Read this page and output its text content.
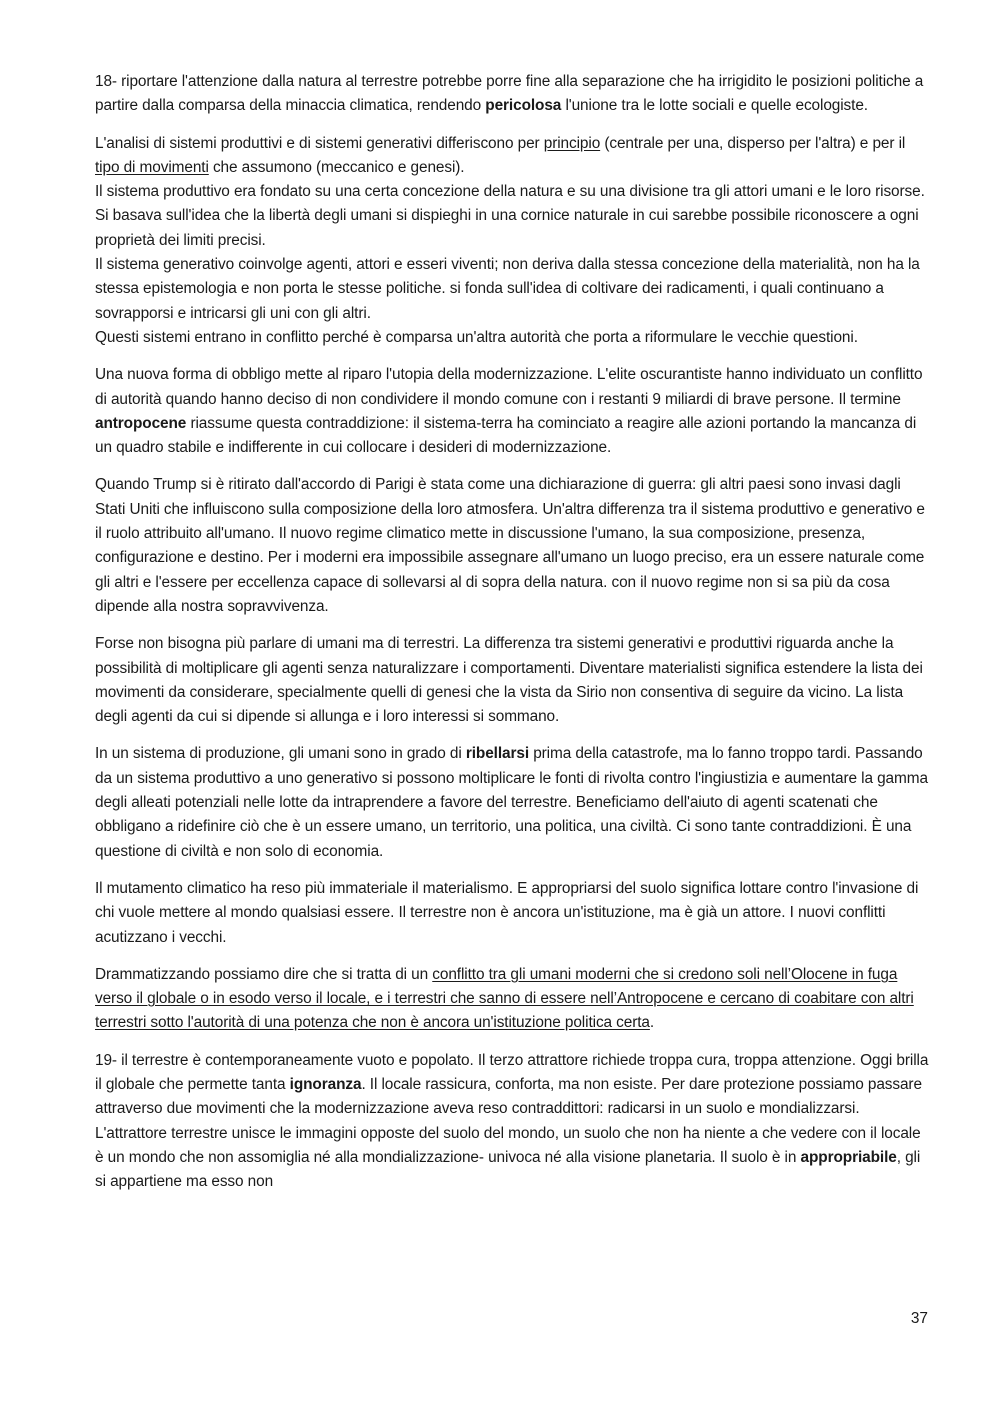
18- riportare l'attenzione dalla natura al terrestre potrebbe porre fine alla separazione che ha irrigidito le posizioni politiche a partire dalla comparsa della minaccia climatica, rendendo pericolosa l'unione tra le lotte sociali e quelle ecologiste.

L'analisi di sistemi produttivi e di sistemi generativi differiscono per principio (centrale per una, disperso per l'altra) e per il tipo di movimenti che assumono (meccanico e genesi).

Il sistema produttivo era fondato su una certa concezione della natura e su una divisione tra gli attori umani e le loro risorse. Si basava sull'idea che la libertà degli umani si dispieghi in una cornice naturale in cui sarebbe possibile riconoscere a ogni proprietà dei limiti precisi.

Il sistema generativo coinvolge agenti, attori e esseri viventi; non deriva dalla stessa concezione della materialità, non ha la stessa epistemologia e non porta le stesse politiche. si fonda sull'idea di coltivare dei radicamenti, i quali continuano a sovrapporsi e intricarsi gli uni con gli altri.

Questi sistemi entrano in conflitto perché è comparsa un'altra autorità che porta a riformulare le vecchie questioni.

Una nuova forma di obbligo mette al riparo l'utopia della modernizzazione. L'elite oscurantiste hanno individuato un conflitto di autorità quando hanno deciso di non condividere il mondo comune con i restanti 9 miliardi di brave persone. Il termine antropocene riassume questa contraddizione: il sistema-terra ha cominciato a reagire alle azioni portando la mancanza di un quadro stabile e indifferente in cui collocare i desideri di modernizzazione.

Quando Trump si è ritirato dall'accordo di Parigi è stata come una dichiarazione di guerra: gli altri paesi sono invasi dagli Stati Uniti che influiscono sulla composizione della loro atmosfera. Un'altra differenza tra il sistema produttivo e generativo e il ruolo attribuito all'umano. Il nuovo regime climatico mette in discussione l'umano, la sua composizione, presenza, configurazione e destino. Per i moderni era impossibile assegnare all'umano un luogo preciso, era un essere naturale come gli altri e l'essere per eccellenza capace di sollevarsi al di sopra della natura. con il nuovo regime non si sa più da cosa dipende alla nostra sopravvivenza.

Forse non bisogna più parlare di umani ma di terrestri. La differenza tra sistemi generativi e produttivi riguarda anche la possibilità di moltiplicare gli agenti senza naturalizzare i comportamenti. Diventare materialisti significa estendere la lista dei movimenti da considerare, specialmente quelli di genesi che la vista da Sirio non consentiva di seguire da vicino. La lista degli agenti da cui si dipende si allunga e i loro interessi si sommano.

In un sistema di produzione, gli umani sono in grado di ribellarsi prima della catastrofe, ma lo fanno troppo tardi. Passando da un sistema produttivo a uno generativo si possono moltiplicare le fonti di rivolta contro l'ingiustizia e aumentare la gamma degli alleati potenziali nelle lotte da intraprendere a favore del terrestre. Beneficiamo dell'aiuto di agenti scatenati che obbligano a ridefinire ciò che è un essere umano, un territorio, una politica, una civiltà. Ci sono tante contraddizioni. È una questione di civiltà e non solo di economia.

Il mutamento climatico ha reso più immateriale il materialismo. E appropriarsi del suolo significa lottare contro l'invasione di chi vuole mettere al mondo qualsiasi essere. Il terrestre non è ancora un'istituzione, ma è già un attore. I nuovi conflitti acutizzano i vecchi.

Drammatizzando possiamo dire che si tratta di un conflitto tra gli umani moderni che si credono soli nell’Olocene in fuga verso il globale o in esodo verso il locale, e i terrestri che sanno di essere nell’Antropocene e cercano di coabitare con altri terrestri sotto l'autorità di una potenza che non è ancora un'istituzione politica certa.

19- il terrestre è contemporaneamente vuoto e popolato. Il terzo attrattore richiede troppa cura, troppa attenzione. Oggi brilla il globale che permette tanta ignoranza. Il locale rassicura, conforta, ma non esiste. Per dare protezione possiamo passare attraverso due movimenti che la modernizzazione aveva reso contraddittori: radicarsi in un suolo e mondializzarsi. L'attrattore terrestre unisce le immagini opposte del suolo del mondo, un suolo che non ha niente a che vedere con il locale è un mondo che non assomiglia né alla mondializzazione- univoca né alla visione planetaria. Il suolo è in appropriabile, gli si appartiene ma esso non

37
